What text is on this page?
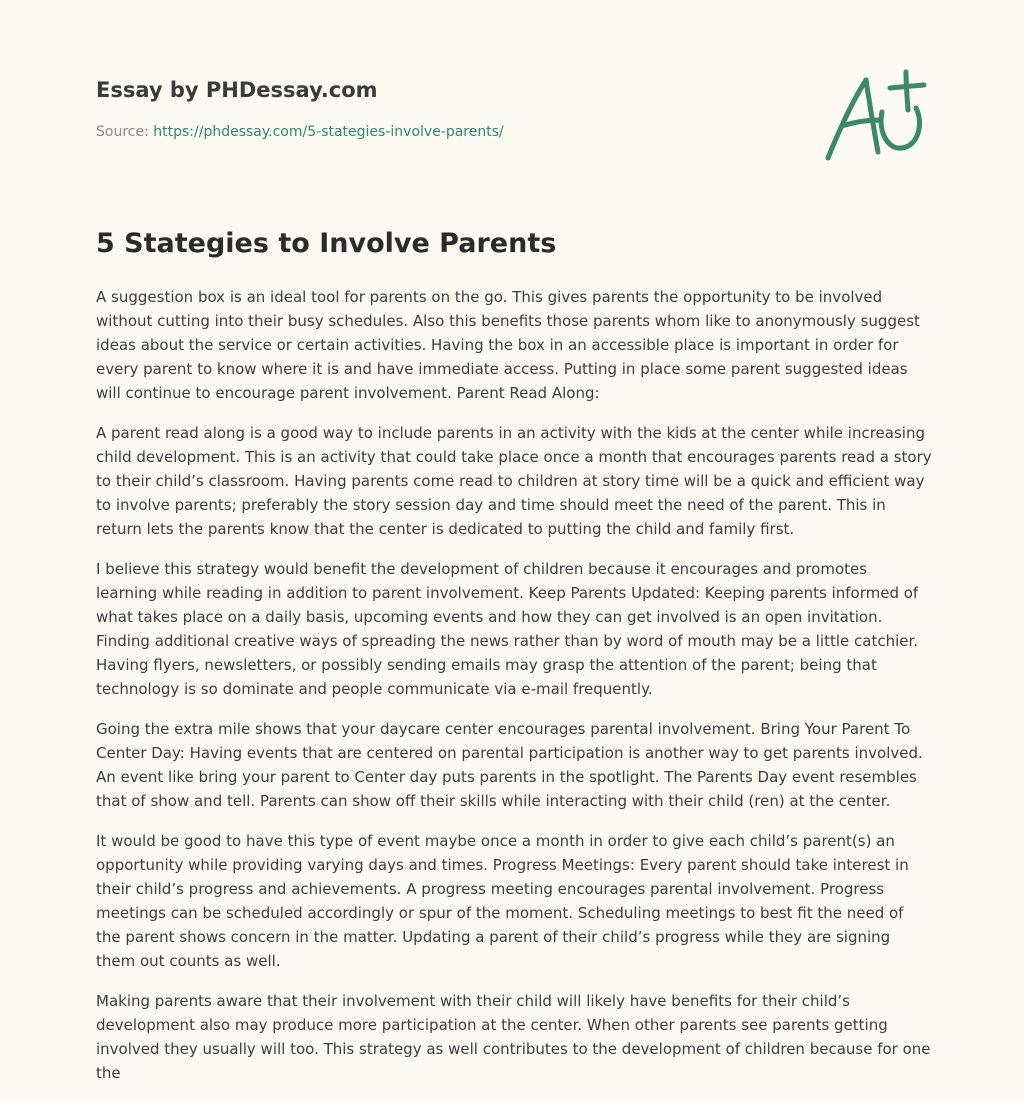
Essay by PHDessay.com
Source: https://phdessay.com/5-stategies-involve-parents/
5 Stategies to Involve Parents

A suggestion box is an ideal tool for parents on the go. This gives parents the opportunity to be involved without cutting into their busy schedules. Also this benefits those parents whom like to anonymously suggest ideas about the service or certain activities. Having the box in an accessible place is important in order for every parent to know where it is and have immediate access. Putting in place some parent suggested ideas will continue to encourage parent involvement. Parent Read Along:

A parent read along is a good way to include parents in an activity with the kids at the center while increasing child development. This is an activity that could take place once a month that encourages parents read a story to their child’s classroom. Having parents come read to children at story time will be a quick and efficient way to involve parents; preferably the story session day and time should meet the need of the parent. This in return lets the parents know that the center is dedicated to putting the child and family first.

I believe this strategy would benefit the development of children because it encourages and promotes learning while reading in addition to parent involvement. Keep Parents Updated: Keeping parents informed of what takes place on a daily basis, upcoming events and how they can get involved is an open invitation. Finding additional creative ways of spreading the news rather than by word of mouth may be a little catchier. Having flyers, newsletters, or possibly sending emails may grasp the attention of the parent; being that technology is so dominate and people communicate via e-mail frequently.

Going the extra mile shows that your daycare center encourages parental involvement. Bring Your Parent To Center Day: Having events that are centered on parental participation is another way to get parents involved. An event like bring your parent to Center day puts parents in the spotlight. The Parents Day event resembles that of show and tell. Parents can show off their skills while interacting with their child (ren) at the center.

It would be good to have this type of event maybe once a month in order to give each child’s parent(s) an opportunity while providing varying days and times. Progress Meetings: Every parent should take interest in their child’s progress and achievements. A progress meeting encourages parental involvement. Progress meetings can be scheduled accordingly or spur of the moment. Scheduling meetings to best fit the need of the parent shows concern in the matter. Updating a parent of their child’s progress while they are signing them out counts as well.

Making parents aware that their involvement with their child will likely have benefits for their child’s development also may produce more participation at the center. When other parents see parents getting involved they usually will too. This strategy as well contributes to the development of children because for one the
